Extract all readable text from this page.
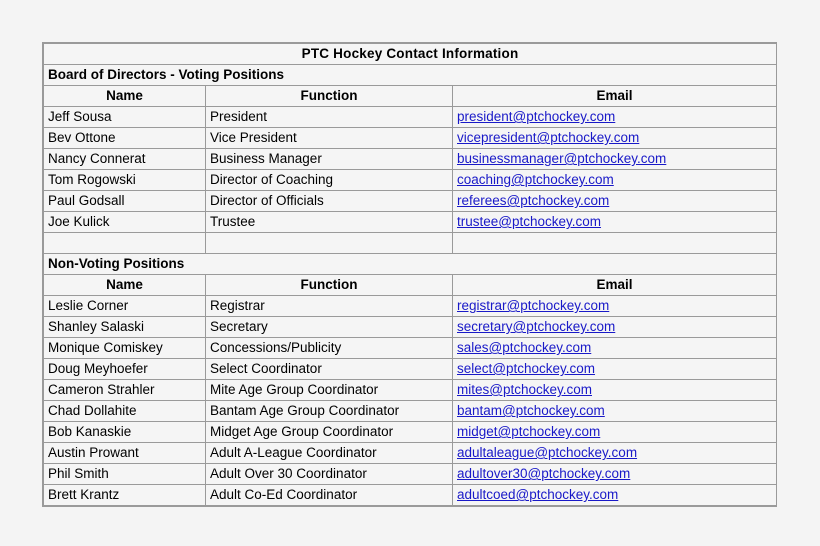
PTC Hockey Contact Information		
Board of Directors - Voting Positions		
Name	Function	Email
Jeff Sousa	President	president@ptchockey.com
Bev Ottone	Vice President	vicepresident@ptchockey.com
Nancy Connerat	Business Manager	businessmanager@ptchockey.com
Tom Rogowski	Director of Coaching	coaching@ptchockey.com
Paul Godsall	Director of Officials	referees@ptchockey.com
Joe Kulick	Trustee	trustee@ptchockey.com

Non-Voting Positions		
Name	Function	Email
Leslie Corner	Registrar	registrar@ptchockey.com
Shanley Salaski	Secretary	secretary@ptchockey.com
Monique Comiskey	Concessions/Publicity	sales@ptchockey.com
Doug Meyhoefer	Select Coordinator	select@ptchockey.com
Cameron Strahler	Mite Age Group Coordinator	mites@ptchockey.com
Chad Dollahite	Bantam Age Group Coordinator	bantam@ptchockey.com
Bob Kanaskie	Midget Age Group Coordinator	midget@ptchockey.com
Austin Prowant	Adult A-League Coordinator	adultaleague@ptchockey.com
Phil Smith	Adult Over 30 Coordinator	adultover30@ptchockey.com
Brett Krantz	Adult Co-Ed Coordinator	adultcoed@ptchockey.com
